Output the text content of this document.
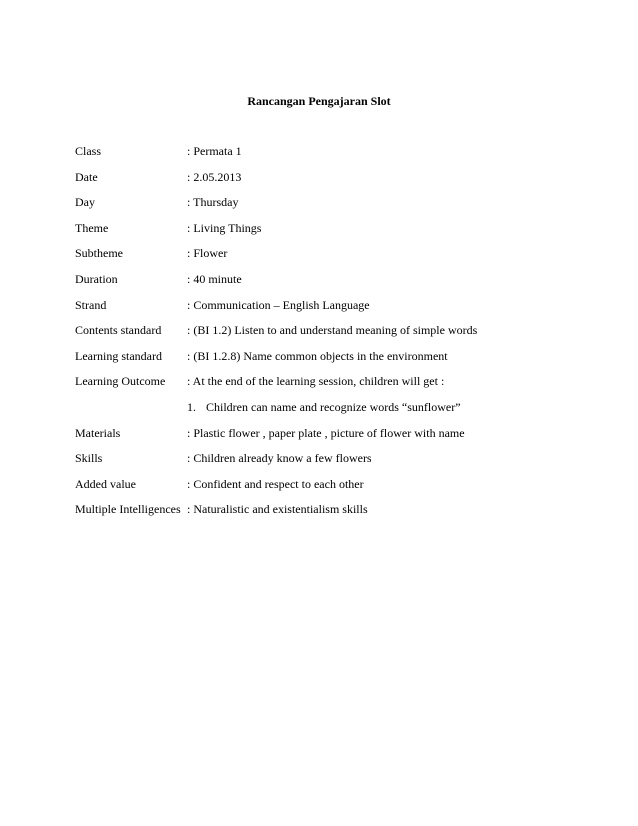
Rancangan Pengajaran Slot
Class	: Permata 1
Date	: 2.05.2013
Day	: Thursday
Theme	: Living Things
Subtheme	: Flower
Duration	: 40 minute
Strand	: Communication – English Language
Contents standard : (BI 1.2) Listen to and understand meaning of simple words
Learning standard : (BI 1.2.8) Name common objects in the environment
Learning Outcome : At the end of the learning session, children will get :
1. Children can name and recognize words “sunflower”
Materials	: Plastic flower , paper plate , picture of flower with name
Skills	: Children already know a few flowers
Added value	: Confident and respect to each other
Multiple Intelligences : Naturalistic and existentialism skills
